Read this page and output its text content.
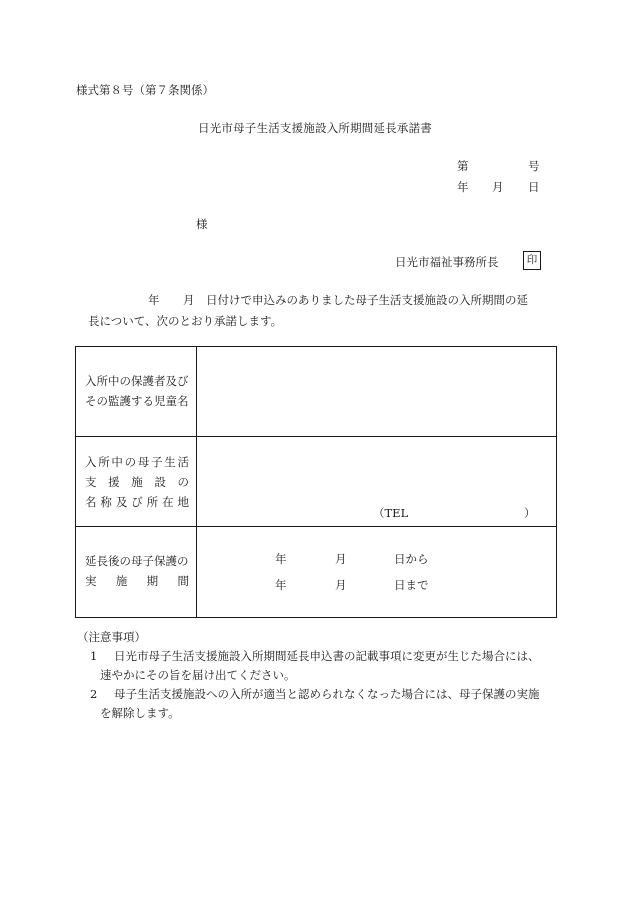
様式第８号（第７条関係）
日光市母子生活支援施設入所期間延長承諾書
第	号
年 月 日
様
日光市福祉事務所長	印
年 月 日付けで申込みのありました母子生活支援施設の入所期間の延
長について、次のとおり承諾します。
入所中の保護者及び
その監護する児童名
入所中の母子生活
支援施設の
名称及び所在地
（TEL	）
延長後の母子保護の
実施期間
年	月	日から
年	月	日まで
（注意事項）
1 日光市母子生活支援施設入所期間延長申込書の記載事項に変更が生じた場合には、
速やかにその旨を届け出てください。
2 母子生活支援施設への入所が適当と認められなくなった場合には、母子保護の実施
を解除します。
